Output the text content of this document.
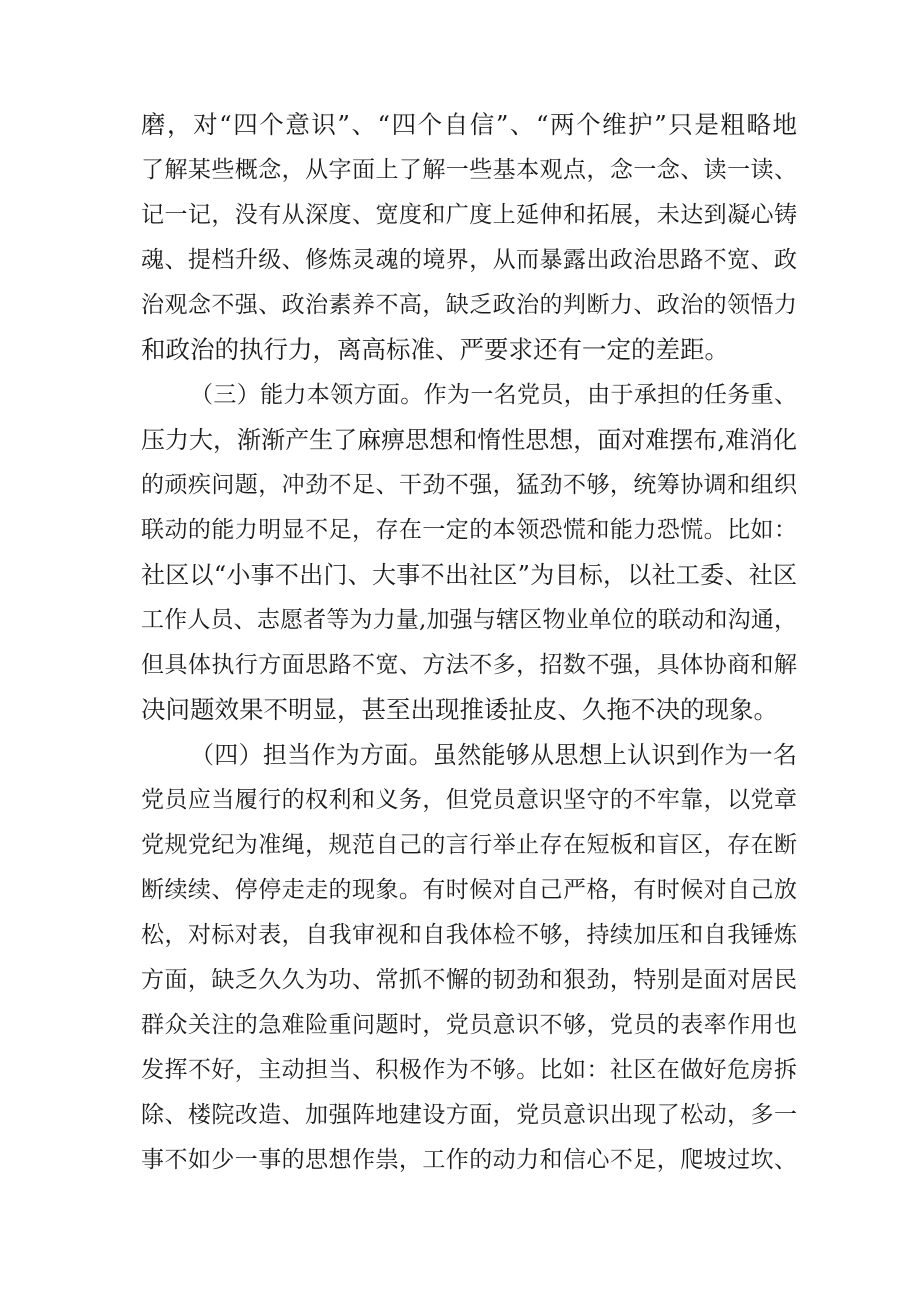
磨，对“四个意识”、“四个自信”、“两个维护”只是粗略地
了解某些概念，从字面上了解一些基本观点，念一念、读一读、
记一记，没有从深度、宽度和广度上延伸和拓展，未达到凝心铸
魂、提档升级、修炼灵魂的境界，从而暴露出政治思路不宽、政
治观念不强、政治素养不高，缺乏政治的判断力、政治的领悟力
和政治的执行力，离高标准、严要求还有一定的差距。
（三）能力本领方面。作为一名党员，由于承担的任务重、
压力大，渐渐产生了麻痹思想和惰性思想，面对难摆布,难消化
的顽疾问题，冲劲不足、干劲不强，猛劲不够，统筹协调和组织
联动的能力明显不足，存在一定的本领恐慌和能力恐慌。比如：
社区以“小事不出门、大事不出社区”为目标，以社工委、社区
工作人员、志愿者等为力量,加强与辖区物业单位的联动和沟通，
但具体执行方面思路不宽、方法不多，招数不强，具体协商和解
决问题效果不明显，甚至出现推诿扯皮、久拖不决的现象。
（四）担当作为方面。虽然能够从思想上认识到作为一名
党员应当履行的权利和义务，但党员意识坚守的不牢靠，以党章
党规党纪为准绳，规范自己的言行举止存在短板和盲区，存在断
断续续、停停走走的现象。有时候对自己严格，有时候对自己放
松，对标对表，自我审视和自我体检不够，持续加压和自我锤炼
方面，缺乏久久为功、常抓不懈的韧劲和狠劲，特别是面对居民
群众关注的急难险重问题时，党员意识不够，党员的表率作用也
发挥不好，主动担当、积极作为不够。比如：社区在做好危房拆
除、楼院改造、加强阵地建设方面，党员意识出现了松动，多一
事不如少一事的思想作祟，工作的动力和信心不足，爬坡过坎、
